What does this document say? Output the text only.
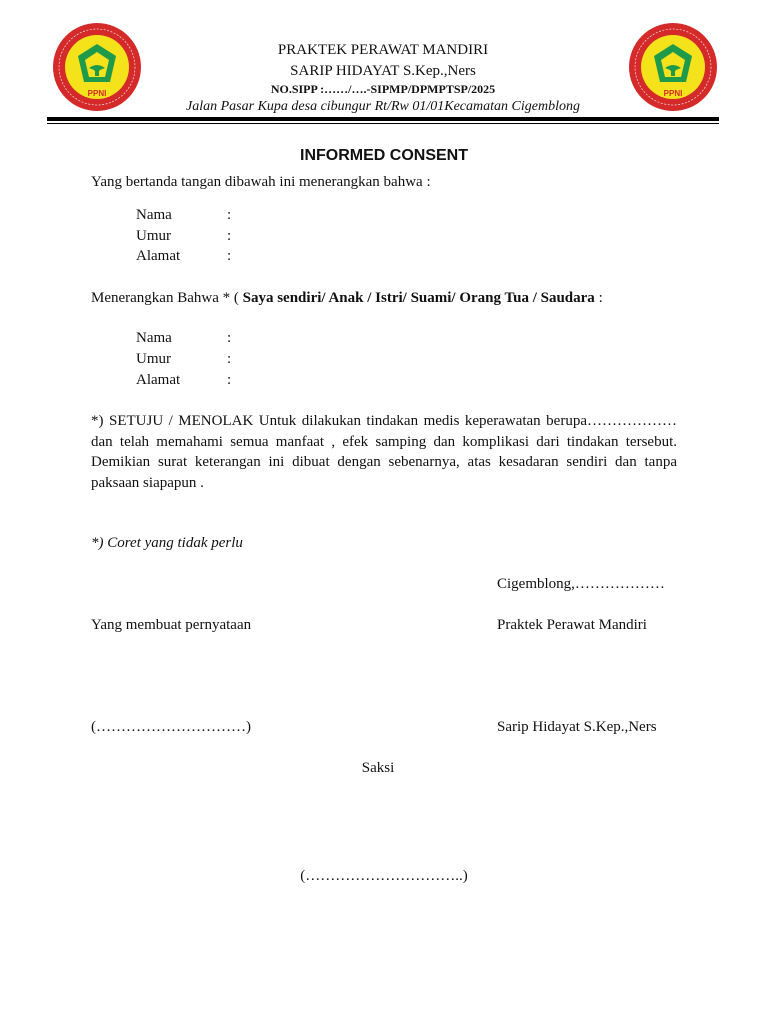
PPNI	PPNI
PRAKTEK PERAWAT MANDIRI
SARIP HIDAYAT S.Kep.,Ners
NO.SIPP :……/….-SIPMP/DPMPTSP/2025
Jalan Pasar Kupa desa cibungur Rt/Rw 01/01Kecamatan Cigemblong
INFORMED CONSENT
Yang bertanda tangan dibawah ini menerangkan bahwa :
Nama	:
Umur	:
Alamat	:
Menerangkan Bahwa * ( Saya sendiri/ Anak / Istri/ Suami/ Orang Tua / Saudara :
Nama	:
Umur	:
Alamat	:
*) SETUJU / MENOLAK Untuk dilakukan tindakan medis keperawatan berupa……………… dan telah memahami semua manfaat , efek samping dan komplikasi dari tindakan tersebut. Demikian surat keterangan ini dibuat dengan sebenarnya, atas kesadaran sendiri dan tanpa paksaan siapapun .
*) Coret yang tidak perlu
Cigemblong,………………
Yang membuat pernyataan	Praktek Perawat Mandiri
(…………………………)	Sarip Hidayat S.Kep.,Ners
Saksi
(…………………………..)
